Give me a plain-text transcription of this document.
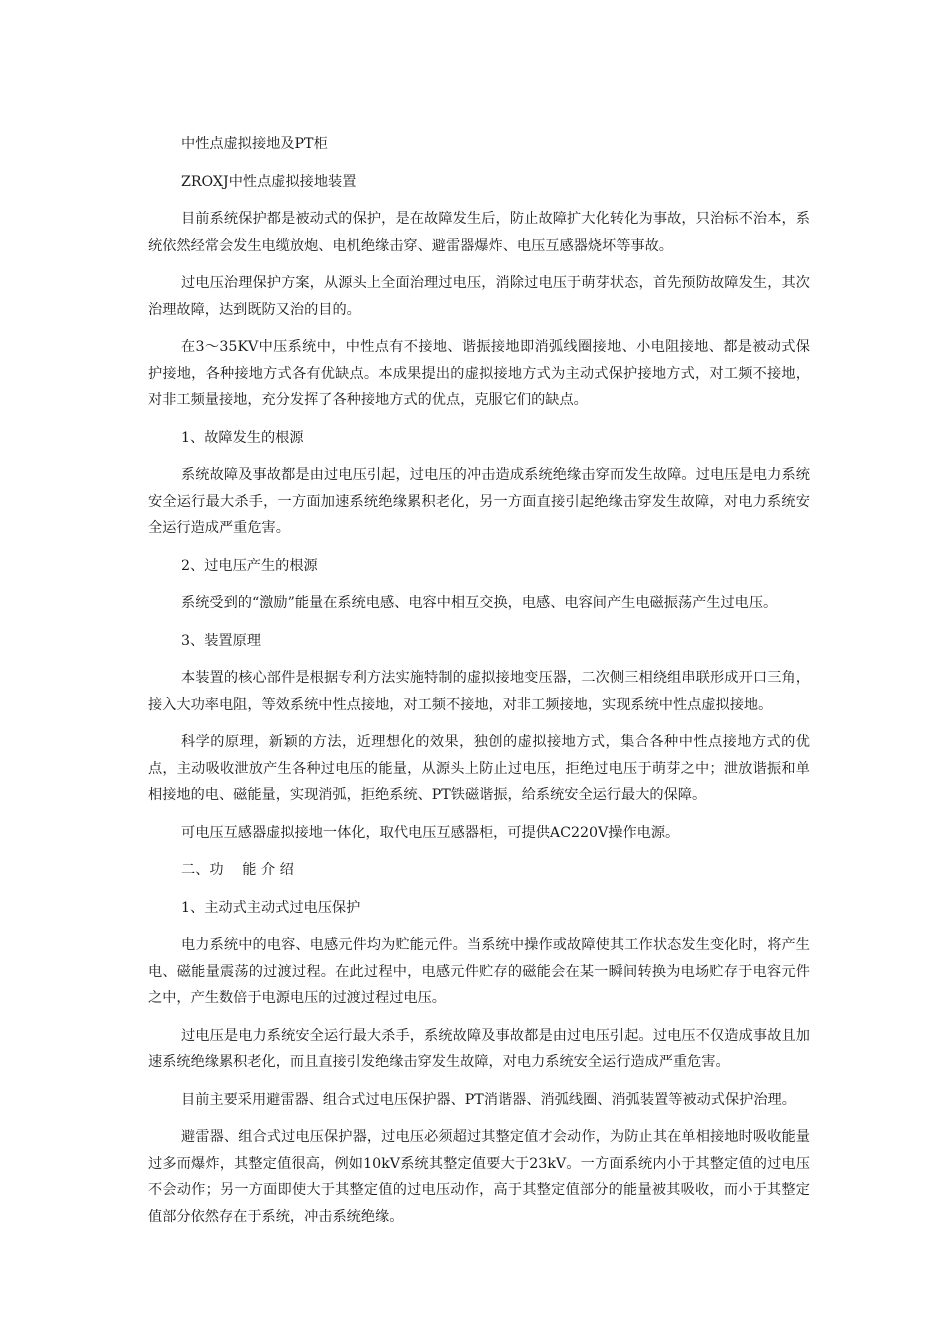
中性点虚拟接地及PT柜

ZROXJ中性点虚拟接地装置

目前系统保护都是被动式的保护，是在故障发生后，防止故障扩大化转化为事故，只治标不治本，系统依然经常会发生电缆放炮、电机绝缘击穿、避雷器爆炸、电压互感器烧坏等事故。

过电压治理保护方案，从源头上全面治理过电压，消除过电压于萌芽状态，首先预防故障发生，其次治理故障，达到既防又治的目的。

在3～35KV中压系统中，中性点有不接地、谐振接地即消弧线圈接地、小电阻接地、都是被动式保护接地，各种接地方式各有优缺点。本成果提出的虚拟接地方式为主动式保护接地方式，对工频不接地，对非工频量接地，充分发挥了各种接地方式的优点，克服它们的缺点。

1、故障发生的根源

系统故障及事故都是由过电压引起，过电压的冲击造成系统绝缘击穿而发生故障。过电压是电力系统安全运行最大杀手，一方面加速系统绝缘累积老化，另一方面直接引起绝缘击穿发生故障，对电力系统安全运行造成严重危害。

2、过电压产生的根源

系统受到的“激励”能量在系统电感、电容中相互交换，电感、电容间产生电磁振荡产生过电压。

3、装置原理

本装置的核心部件是根据专利方法实施特制的虚拟接地变压器，二次侧三相绕组串联形成开口三角，接入大功率电阻，等效系统中性点接地，对工频不接地，对非工频接地，实现系统中性点虚拟接地。

科学的原理，新颖的方法，近理想化的效果，独创的虚拟接地方式，集合各种中性点接地方式的优点，主动吸收泄放产生各种过电压的能量，从源头上防止过电压，拒绝过电压于萌芽之中；泄放谐振和单相接地的电、磁能量，实现消弧，拒绝系统、PT铁磁谐振，给系统安全运行最大的保障。

可电压互感器虚拟接地一体化，取代电压互感器柜，可提供AC220V操作电源。

二、功　 能 介 绍

1、主动式主动式过电压保护

电力系统中的电容、电感元件均为贮能元件。当系统中操作或故障使其工作状态发生变化时，将产生电、磁能量震荡的过渡过程。在此过程中，电感元件贮存的磁能会在某一瞬间转换为电场贮存于电容元件之中，产生数倍于电源电压的过渡过程过电压。

过电压是电力系统安全运行最大杀手，系统故障及事故都是由过电压引起。过电压不仅造成事故且加速系统绝缘累积老化，而且直接引发绝缘击穿发生故障，对电力系统安全运行造成严重危害。

目前主要采用避雷器、组合式过电压保护器、PT消谐器、消弧线圈、消弧装置等被动式保护治理。

避雷器、组合式过电压保护器，过电压必须超过其整定值才会动作，为防止其在单相接地时吸收能量过多而爆炸，其整定值很高，例如10kV系统其整定值要大于23kV。一方面系统内小于其整定值的过电压不会动作；另一方面即使大于其整定值的过电压动作，高于其整定值部分的能量被其吸收，而小于其整定值部分依然存在于系统，冲击系统绝缘。
